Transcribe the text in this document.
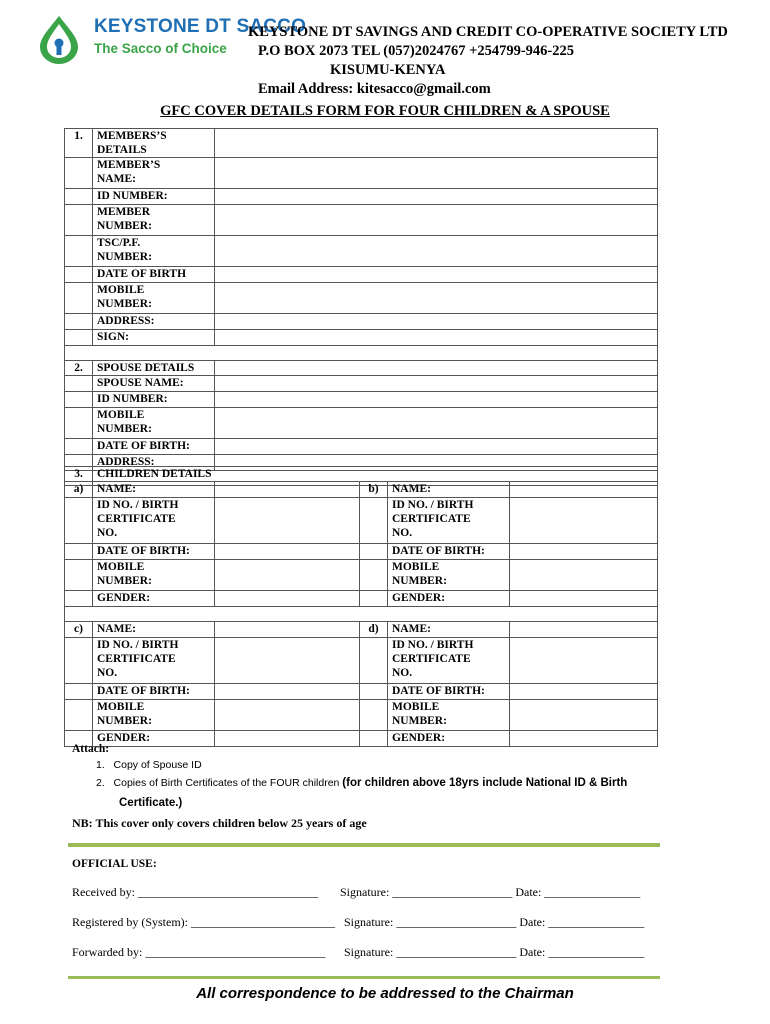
KEYSTONE DT SACCO
The Sacco of Choice
KEYSTONE DT SAVINGS AND CREDIT CO-OPERATIVE SOCIETY LTD
P.O BOX 2073 TEL (057)2024767 +254799-946-225
KISUMU-KENYA
Email Address: kitesacco@gmail.com
GFC COVER DETAILS FORM FOR FOUR CHILDREN & A SPOUSE
1.	MEMBERS’S DETAILS	
	MEMBER’S
NAME:	
	ID NUMBER:	
	MEMBER
NUMBER:	
	TSC/P.F.
NUMBER:	
	DATE OF BIRTH	
	MOBILE
NUMBER:	
	ADDRESS:	
	SIGN:	

2.	SPOUSE DETAILS	
	SPOUSE NAME:	
	ID NUMBER:	
	MOBILE
NUMBER:	
	DATE OF BIRTH:	
	ADDRESS:	

3.	CHILDREN DETAILS				
a)	NAME:		b)	NAME:	
	ID NO. / BIRTH
CERTIFICATE
NO.			ID NO. / BIRTH
CERTIFICATE
NO.	
	DATE OF BIRTH:			DATE OF BIRTH:	
	MOBILE
NUMBER:			MOBILE
NUMBER:	
	GENDER:			GENDER:	

c)	NAME:		d)	NAME:	
	ID NO. / BIRTH
CERTIFICATE
NO.			ID NO. / BIRTH
CERTIFICATE
NO.	
	DATE OF BIRTH:			DATE OF BIRTH:	
	MOBILE
NUMBER:			MOBILE
NUMBER:	
	GENDER:			GENDER:	
Attach:
1. Copy of Spouse ID
2. Copies of Birth Certificates of the FOUR children (for children above 18yrs include National ID & Birth
Certificate.)
NB: This cover only covers children below 25 years of age
OFFICIAL USE:
Received by: ______________________________ Signature: ____________________ Date: ________________
Registered by (System): ________________________ Signature: ____________________ Date: ________________
Forwarded by: ______________________________ Signature: ____________________ Date: ________________
All correspondence to be addressed to the Chairman
